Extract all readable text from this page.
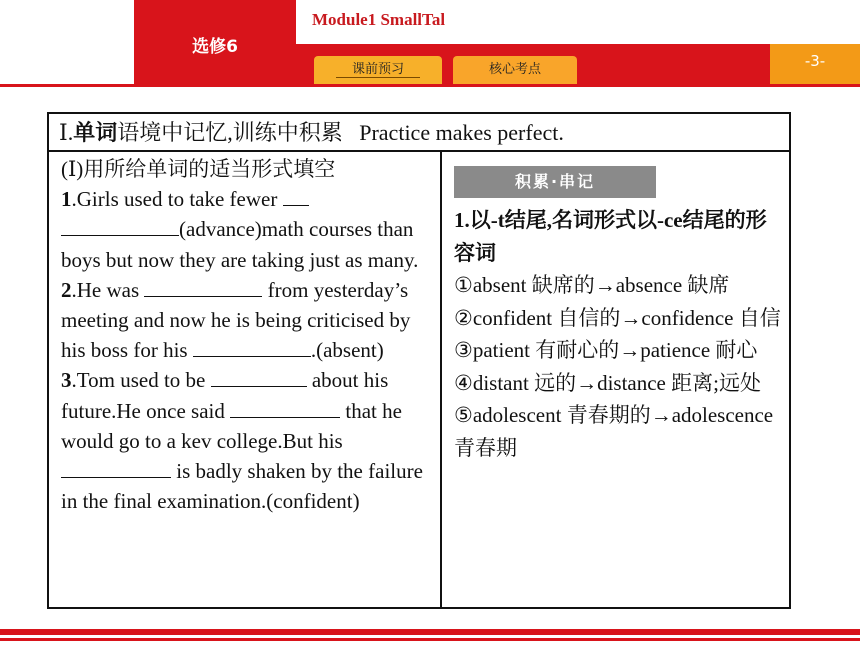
选修6
Module1 SmallTal
-3-
课前预习	核心考点
Ⅰ.单词语境中记忆,训练中积累 Practice makes perfect.
(Ⅰ)用所给单词的适当形式填空
1.Girls used to take fewer  (advance)math courses than boys but now they are taking just as many.
2.He was	from yesterday’s meeting and now he is being criticised by his boss for his	.(absent)
3.Tom used to be	about his future.He once said	that he would go to a kev college.But his  is badly shaken by the failure in the final examination.(confident)
积累·串记
1.以-t结尾,名词形式以-ce结尾的形容词
①absent 缺席的→absence 缺席
②confident 自信的→confidence 自信
③patient 有耐心的→patience 耐心
④distant 远的→distance 距离;远处
⑤adolescent 青春期的→adolescence 青春期
